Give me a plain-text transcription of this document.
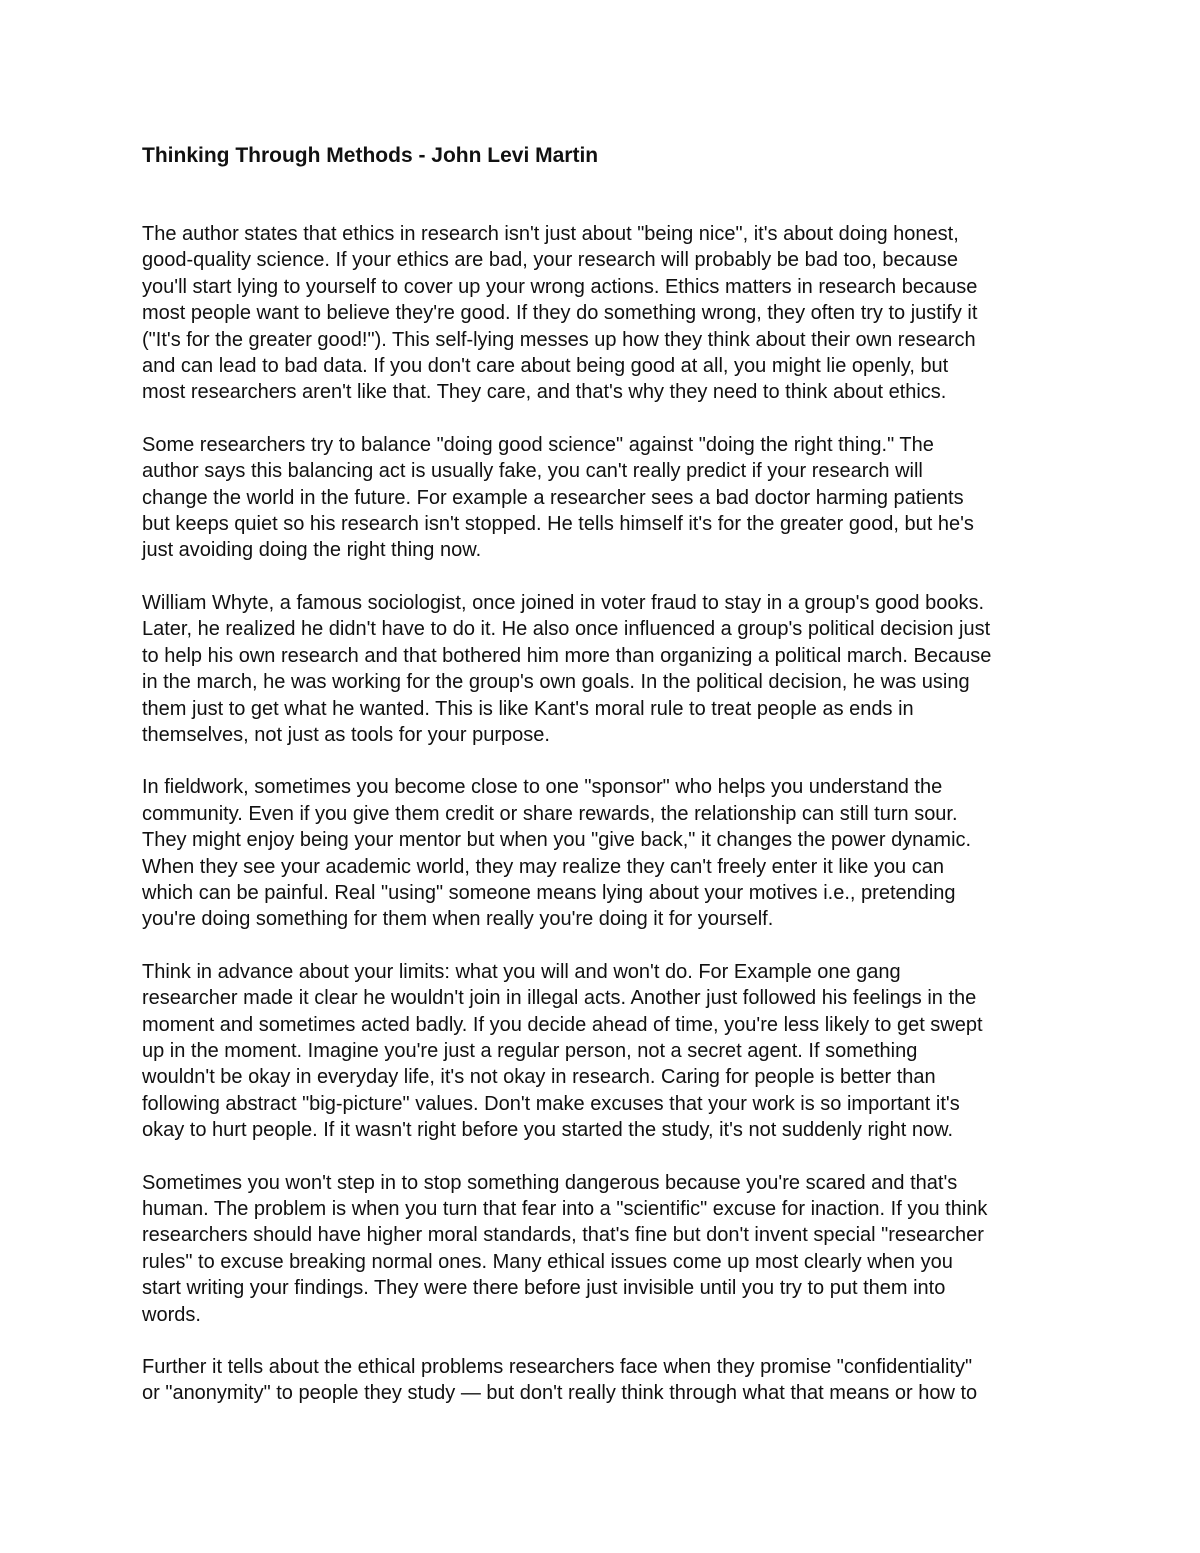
Thinking Through Methods - John Levi Martin

The author states that ethics in research isn't just about "being nice", it's about doing honest,
good-quality science. If your ethics are bad, your research will probably be bad too, because
you'll start lying to yourself to cover up your wrong actions. Ethics matters in research because
most people want to believe they're good. If they do something wrong, they often try to justify it
("It's for the greater good!"). This self-lying messes up how they think about their own research
and can lead to bad data. If you don't care about being good at all, you might lie openly, but
most researchers aren't like that. They care, and that's why they need to think about ethics.

Some researchers try to balance "doing good science" against "doing the right thing." The
author says this balancing act is usually fake, you can't really predict if your research will
change the world in the future. For example a researcher sees a bad doctor harming patients
but keeps quiet so his research isn't stopped. He tells himself it's for the greater good, but he's
just avoiding doing the right thing now.

William Whyte, a famous sociologist, once joined in voter fraud to stay in a group's good books.
Later, he realized he didn't have to do it. He also once influenced a group's political decision just
to help his own research and that bothered him more than organizing a political march. Because
in the march, he was working for the group's own goals. In the political decision, he was using
them just to get what he wanted. This is like Kant's moral rule to treat people as ends in
themselves, not just as tools for your purpose.

In fieldwork, sometimes you become close to one "sponsor" who helps you understand the
community. Even if you give them credit or share rewards, the relationship can still turn sour.
They might enjoy being your mentor but when you "give back," it changes the power dynamic.
When they see your academic world, they may realize they can't freely enter it like you can
which can be painful. Real "using" someone means lying about your motives i.e., pretending
you're doing something for them when really you're doing it for yourself.

Think in advance about your limits: what you will and won't do. For Example one gang
researcher made it clear he wouldn't join in illegal acts. Another just followed his feelings in the
moment and sometimes acted badly. If you decide ahead of time, you're less likely to get swept
up in the moment. Imagine you're just a regular person, not a secret agent. If something
wouldn't be okay in everyday life, it's not okay in research. Caring for people is better than
following abstract "big-picture" values. Don't make excuses that your work is so important it's
okay to hurt people. If it wasn't right before you started the study, it's not suddenly right now.

Sometimes you won't step in to stop something dangerous because you're scared and that's
human. The problem is when you turn that fear into a "scientific" excuse for inaction. If you think
researchers should have higher moral standards, that's fine but don't invent special "researcher
rules" to excuse breaking normal ones. Many ethical issues come up most clearly when you
start writing your findings. They were there before just invisible until you try to put them into
words.

Further it tells about the ethical problems researchers face when they promise "confidentiality"
or "anonymity" to people they study — but don't really think through what that means or how to
